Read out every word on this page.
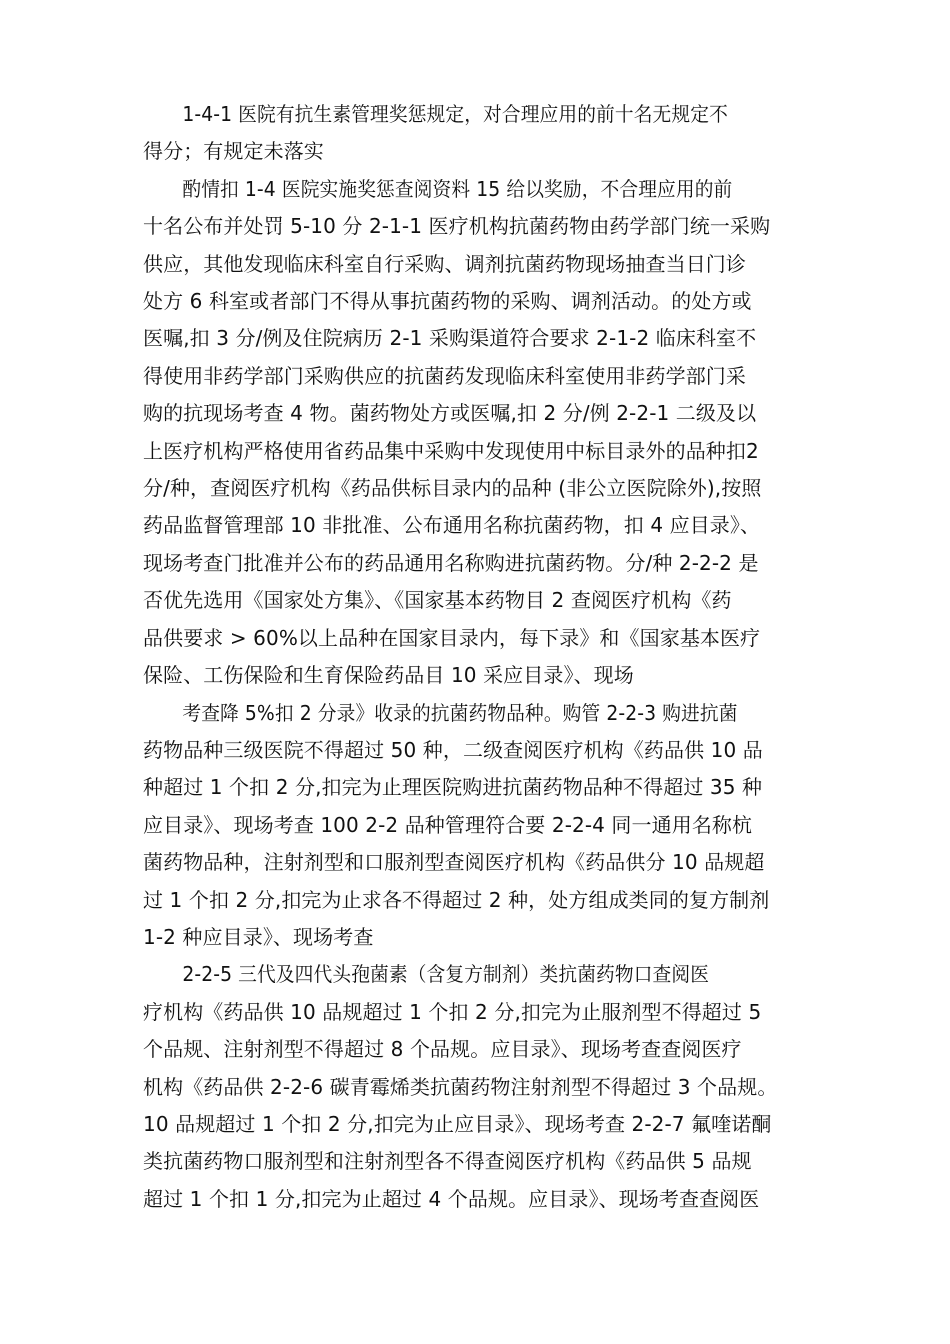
1-4-1 医院有抗生素管理奖惩规定，对合理应用的前十名无规定不
得分；有规定未落实
酌情扣 1-4 医院实施奖惩查阅资料 15 给以奖励，不合理应用的前
十名公布并处罚 5-10 分 2-1-1 医疗机构抗菌药物由药学部门统一采购
供应，其他发现临床科室自行采购、调剂抗菌药物现场抽查当日门诊
处方 6 科室或者部门不得从事抗菌药物的采购、调剂活动。的处方或
医嘱,扣 3 分/例及住院病历 2-1 采购渠道符合要求 2-1-2 临床科室不
得使用非药学部门采购供应的抗菌药发现临床科室使用非药学部门采
购的抗现场考查 4 物。菌药物处方或医嘱,扣 2 分/例 2-2-1 二级及以
上医疗机构严格使用省药品集中采购中发现使用中标目录外的品种扣2
分/种，查阅医疗机构《药品供标目录内的品种 (非公立医院除外),按照
药品监督管理部 10 非批准、公布通用名称抗菌药物，扣 4 应目录》、
现场考查门批准并公布的药品通用名称购进抗菌药物。分/种 2-2-2 是
否优先选用《国家处方集》、《国家基本药物目 2 查阅医疗机构《药
品供要求 > 60%以上品种在国家目录内，每下录》和《国家基本医疗
保险、工伤保险和生育保险药品目 10 采应目录》、现场
考查降 5%扣 2 分录》收录的抗菌药物品种。购管 2-2-3 购进抗菌
药物品种三级医院不得超过 50 种，二级查阅医疗机构《药品供 10 品
种超过 1 个扣 2 分,扣完为止理医院购进抗菌药物品种不得超过 35 种
应目录》、现场考查 100 2-2 品种管理符合要 2-2-4 同一通用名称杭
菌药物品种，注射剂型和口服剂型查阅医疗机构《药品供分 10 品规超
过 1 个扣 2 分,扣完为止求各不得超过 2 种，处方组成类同的复方制剂
1-2 种应目录》、现场考查
2-2-5 三代及四代头孢菌素（含复方制剂）类抗菌药物口查阅医
疗机构《药品供 10 品规超过 1 个扣 2 分,扣完为止服剂型不得超过 5
个品规、注射剂型不得超过 8 个品规。应目录》、现场考查查阅医疗
机构《药品供 2-2-6 碳青霉烯类抗菌药物注射剂型不得超过 3 个品规。
10 品规超过 1 个扣 2 分,扣完为止应目录》、现场考查 2-2-7 氟喹诺酮
类抗菌药物口服剂型和注射剂型各不得查阅医疗机构《药品供 5 品规
超过 1 个扣 1 分,扣完为止超过 4 个品规。应目录》、现场考查查阅医
